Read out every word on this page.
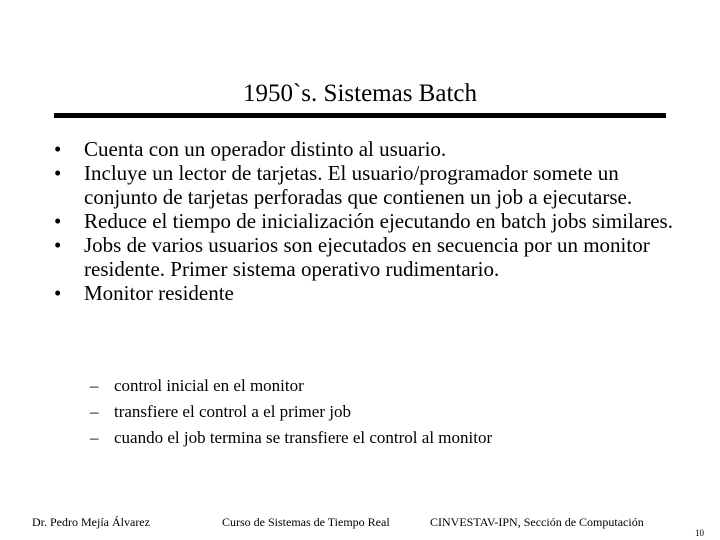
1950`s. Sistemas Batch
•	Cuenta con un operador distinto al usuario.
•	Incluye un lector de tarjetas. El usuario/programador somete un conjunto de tarjetas perforadas que contienen un job a ejecutarse.
•	Reduce el tiempo de inicialización ejecutando en batch jobs similares.
•	Jobs de varios usuarios son ejecutados en secuencia por un monitor residente. Primer sistema operativo rudimentario.
•	Monitor residente
– control inicial en el monitor
– transfiere el control a el primer job
– cuando el job termina se transfiere el control al monitor
Dr. Pedro Mejía Álvarez	Curso de Sistemas de Tiempo Real	CINVESTAV-IPN, Sección de Computación
10
